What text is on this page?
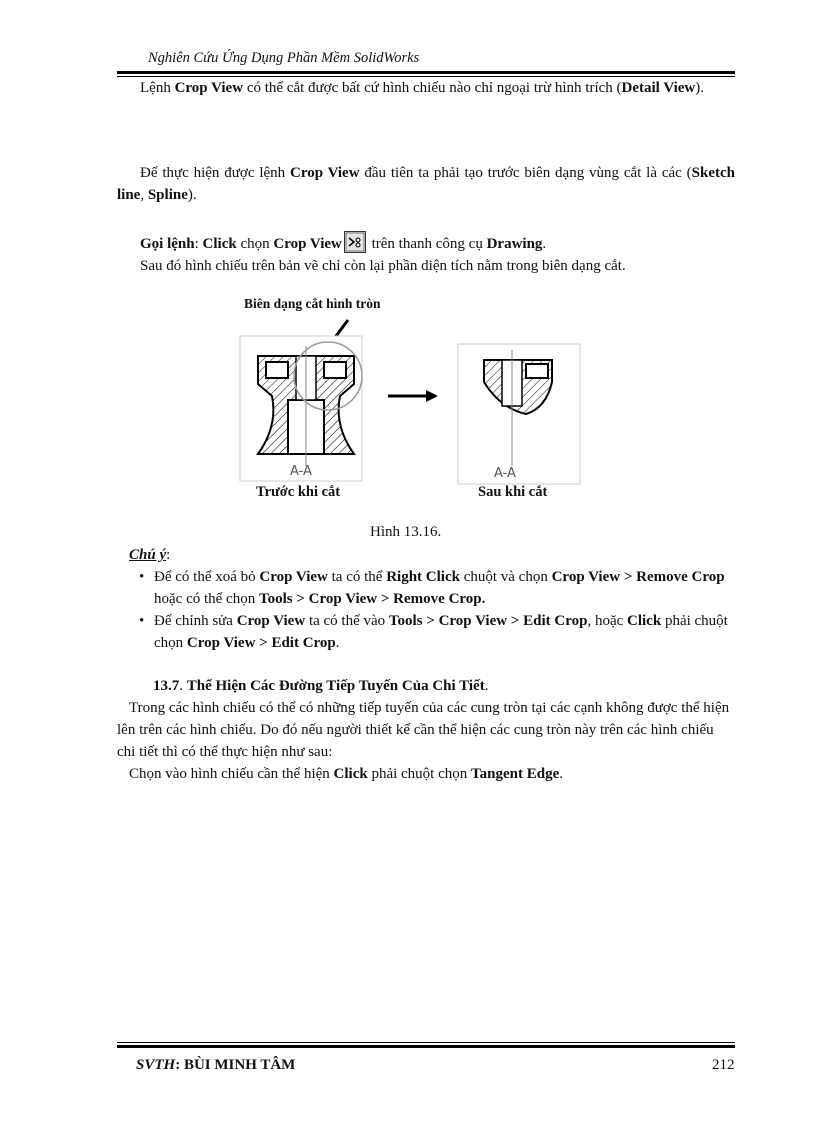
Nghiên Cứu Ứng Dụng Phần Mềm SolidWorks

Lệnh Crop View có thể cắt được bất cứ hình chiếu nào chỉ ngoại trừ hình trích (Detail View).

Để thực hiện được lệnh Crop View đầu tiên ta phải tạo trước biên dạng vùng cắt là các (Sketch line, Spline).

Gọi lệnh: Click chọn Crop View
trên thanh công cụ Drawing.

Sau đó hình chiếu trên bản vẽ chỉ còn lại phần diện tích nằm trong biên dạng cắt.

Biên dạng cắt hình tròn
A-A	A-A
Trước khi cắt	Sau khi cắt
Hình 13.16.

Chú ý:

• Để có thể xoá bỏ Crop View ta có thể Right Click chuột và chọn Crop View > Remove Crop hoặc có thể chọn Tools > Crop View > Remove Crop.
• Để chỉnh sửa Crop View ta có thể vào Tools > Crop View > Edit Crop, hoặc Click phải chuột chọn Crop View > Edit Crop.

13.7. Thể Hiện Các Đường Tiếp Tuyến Của Chi Tiết.

Trong các hình chiếu có thể có những tiếp tuyến của các cung tròn tại các cạnh không được thể hiện lên trên các hình chiếu. Do đó nếu người thiết kế cần thể hiện các cung tròn này trên các hình chiếu chi tiết thì có thể thực hiện như sau:

Chọn vào hình chiếu cần thể hiện Click phải chuột chọn Tangent Edge.

SVTH: BÙI MINH TÂM	212
